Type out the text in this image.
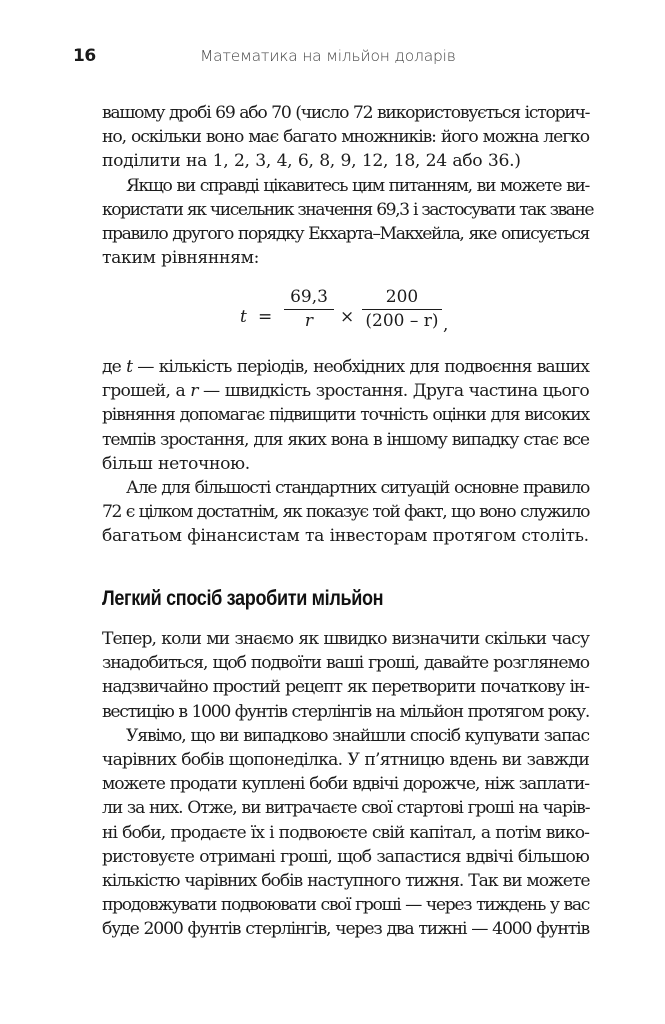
16	Математика на мільйон доларів
вашому дробі 69 або 70 (число 72 використовується історич-
но, оскільки воно має багато множників: його можна легко
поділити на 1, 2, 3, 4, 6, 8, 9, 12, 18, 24 або 36.)
Якщо ви справді цікавитесь цим питанням, ви можете ви-
користати як чисельник значення 69,3 і застосувати так зване
правило другого порядку Екхарта–Макхейла, яке описується
таким рівнянням:
t =
69,3
r	×
200
(200 – r) ,
де t — кількість періодів, необхідних для подвоєння ваших
грошей, а r — швидкість зростання. Друга частина цього
рівняння допомагає підвищити точність оцінки для високих
темпів зростання, для яких вона в іншому випадку стає все
більш неточною.
Але для більшості стандартних ситуацій основне правило
72 є цілком достатнім, як показує той факт, що воно служило
багатьом фінансистам та інвесторам протягом століть.
Легкий спосіб заробити мільйон
Тепер, коли ми знаємо як швидко визначити скільки часу
знадобиться, щоб подвоїти ваші гроші, давайте розглянемо
надзвичайно простий рецепт як перетворити початкову ін-
вестицію в 1000 фунтів стерлінгів на мільйон протягом року.
Уявімо, що ви випадково знайшли спосіб купувати запас
чарівних бобів щопонеділка. У п’ятницю вдень ви завжди
можете продати куплені боби вдвічі дорожче, ніж заплати-
ли за них. Отже, ви витрачаєте свої стартові гроші на чарів-
ні боби, продаєте їх і подвоюєте свій капітал, а потім вико-
ристовуєте отримані гроші, щоб запастися вдвічі більшою
кількістю чарівних бобів наступного тижня. Так ви можете
продовжувати подвоювати свої гроші — через тиждень у вас
буде 2000 фунтів стерлінгів, через два тижні — 4000 фунтів
